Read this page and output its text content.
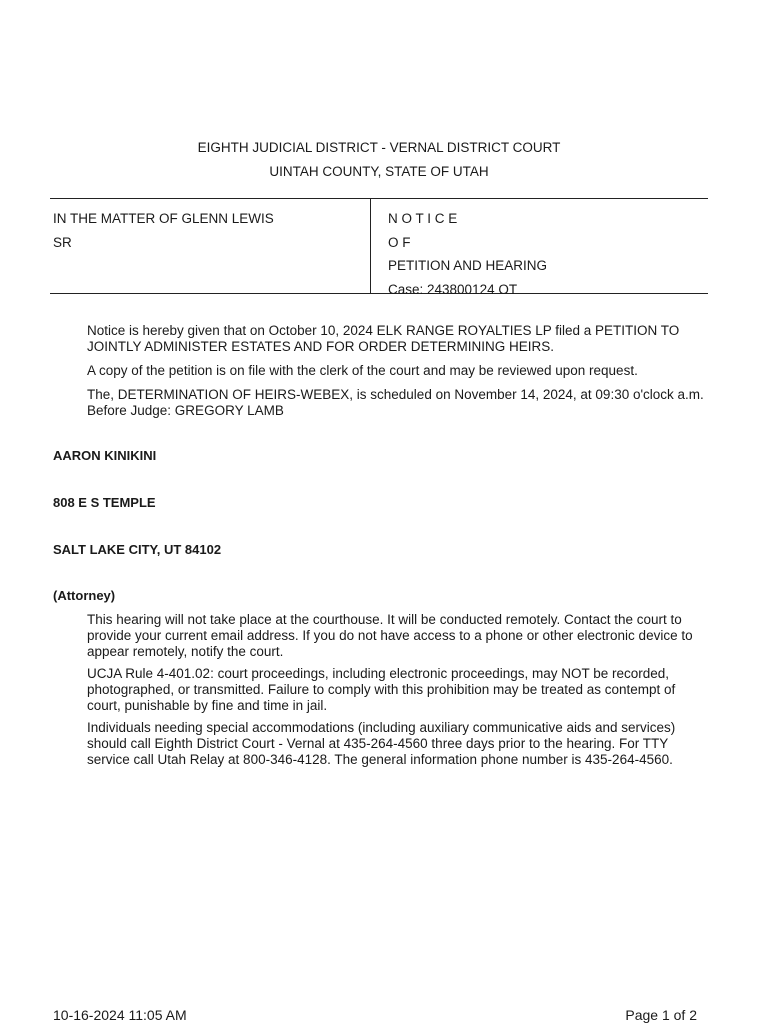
EIGHTH JUDICIAL DISTRICT - VERNAL DISTRICT COURT
UINTAH COUNTY, STATE OF UTAH
IN THE MATTER OF GLENN LEWIS
SR
N O T I C E
O F
PETITION AND HEARING
Case: 243800124 OT

Notice is hereby given that on October 10, 2024 ELK RANGE ROYALTIES LP filed a PETITION TO JOINTLY ADMINISTER ESTATES AND FOR ORDER DETERMINING HEIRS.

A copy of the petition is on file with the clerk of the court and may be reviewed upon request.

The, DETERMINATION OF HEIRS-WEBEX, is scheduled on November 14, 2024, at 09:30 o'clock a.m. Before Judge: GREGORY LAMB

AARON KINIKINI

808 E S TEMPLE

SALT LAKE CITY, UT 84102

(Attorney)

This hearing will not take place at the courthouse. It will be conducted remotely. Contact the court to provide your current email address. If you do not have access to a phone or other electronic device to appear remotely, notify the court.

UCJA Rule 4-401.02: court proceedings, including electronic proceedings, may NOT be recorded, photographed, or transmitted. Failure to comply with this prohibition may be treated as contempt of court, punishable by fine and time in jail.

Individuals needing special accommodations (including auxiliary communicative aids and services) should call Eighth District Court - Vernal at 435-264-4560 three days prior to the hearing. For TTY service call Utah Relay at 800-346-4128. The general information phone number is 435-264-4560.

10-16-2024 11:05 AM	Page 1 of 2
